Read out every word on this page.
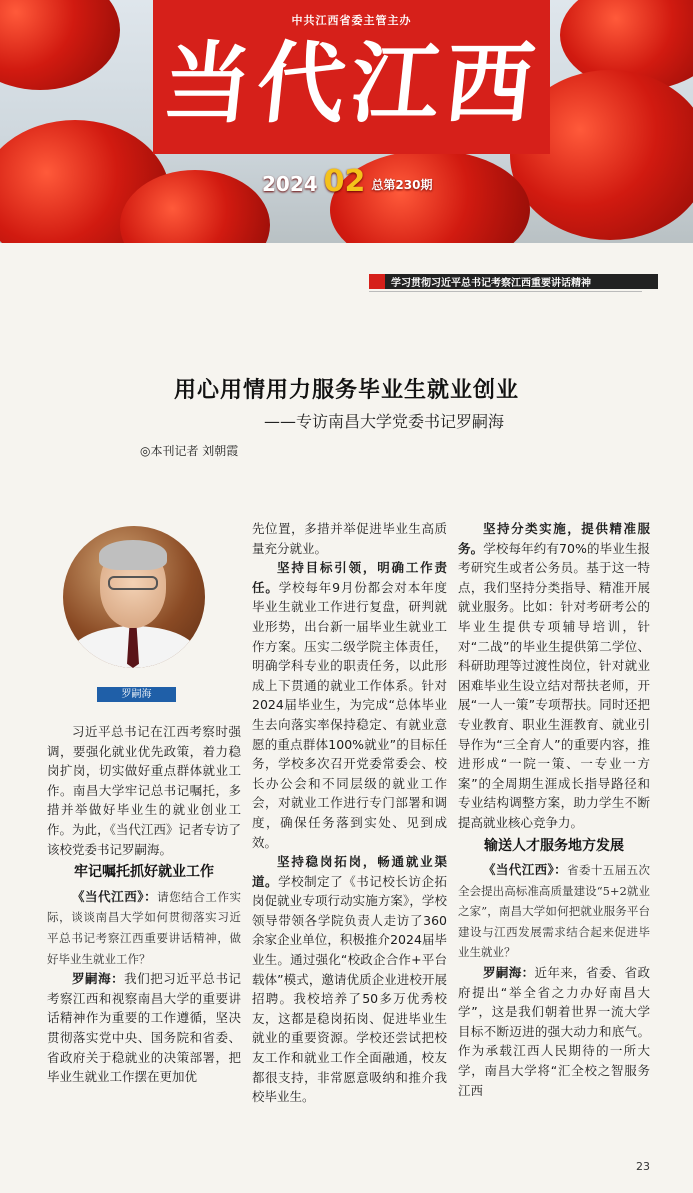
中共江西省委主管主办
当代江西
2024 02 总第230期
学习贯彻习近平总书记考察江西重要讲话精神
用心用情用力服务毕业生就业创业
——专访南昌大学党委书记罗嗣海
◎本刊记者 刘朝霞
罗嗣海

习近平总书记在江西考察时强调，要强化就业优先政策，着力稳岗扩岗，切实做好重点群体就业工作。南昌大学牢记总书记嘱托，多措并举做好毕业生的就业创业工作。为此，《当代江西》记者专访了该校党委书记罗嗣海。

牢记嘱托抓好就业工作

《当代江西》：请您结合工作实际，谈谈南昌大学如何贯彻落实习近平总书记考察江西重要讲话精神，做好毕业生就业工作？

罗嗣海：我们把习近平总书记考察江西和视察南昌大学的重要讲话精神作为重要的工作遵循，坚决贯彻落实党中央、国务院和省委、省政府关于稳就业的决策部署，把毕业生就业工作摆在更加优

先位置，多措并举促进毕业生高质量充分就业。

坚持目标引领，明确工作责任。学校每年9月份都会对本年度毕业生就业工作进行复盘，研判就业形势，出台新一届毕业生就业工作方案。压实二级学院主体责任，明确学科专业的职责任务，以此形成上下贯通的就业工作体系。针对2024届毕业生，为完成“总体毕业生去向落实率保持稳定、有就业意愿的重点群体100%就业”的目标任务，学校多次召开党委常委会、校长办公会和不同层级的就业工作会，对就业工作进行专门部署和调度，确保任务落到实处、见到成效。

坚持稳岗拓岗，畅通就业渠道。学校制定了《书记校长访企拓岗促就业专项行动实施方案》，学校领导带领各学院负责人走访了360余家企业单位，积极推介2024届毕业生。通过强化“校政企合作+平台载体”模式，邀请优质企业进校开展招聘。我校培养了50多万优秀校友，这都是稳岗拓岗、促进毕业生就业的重要资源。学校还尝试把校友工作和就业工作全面融通，校友都很支持，非常愿意吸纳和推介我校毕业生。

坚持分类实施，提供精准服务。学校每年约有70%的毕业生报考研究生或者公务员。基于这一特点，我们坚持分类指导、精准开展就业服务。比如：针对考研考公的毕业生提供专项辅导培训，针对“二战”的毕业生提供第二学位、科研助理等过渡性岗位，针对就业困难毕业生设立结对帮扶老师，开展“一人一策”专项帮扶。同时还把专业教育、职业生涯教育、就业引导作为“三全育人”的重要内容，推进形成“一院一策、一专业一方案”的全周期生涯成长指导路径和专业结构调整方案，助力学生不断提高就业核心竞争力。

输送人才服务地方发展

《当代江西》：省委十五届五次全会提出高标准高质量建设“5+2就业之家”，南昌大学如何把就业服务平台建设与江西发展需求结合起来促进毕业生就业？

罗嗣海：近年来，省委、省政府提出“举全省之力办好南昌大学”，这是我们朝着世界一流大学目标不断迈进的强大动力和底气。作为承载江西人民期待的一所大学，南昌大学将“汇全校之智服务江西

23
